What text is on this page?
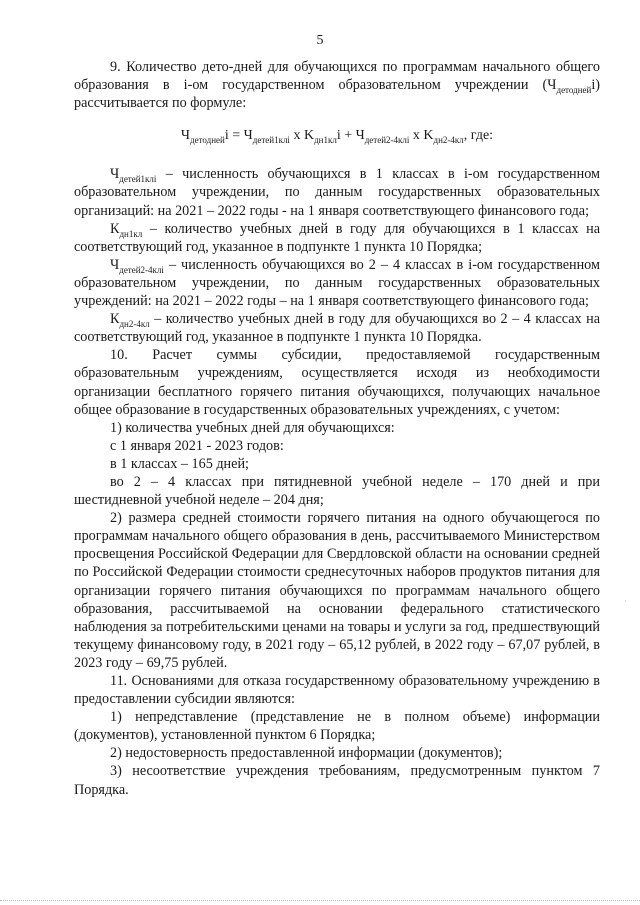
5

9. Количество дето-дней для обучающихся по программам начального общего образования в i-ом государственном образовательном учреждении $(Ч_{детодней}i)$ рассчитывается по формуле:

$Ч_{детодней}i = Ч_{детей1клi}$ x $K_{дн1кл}i + Ч_{детей2-4клi}$ x $K_{дн2-4кл}$, где:

$Ч_{детей1клi}$ – численность обучающихся в 1 классах в i-ом государственном образовательном учреждении, по данным государственных образовательных организаций: на 2021 – 2022 годы - на 1 января соответствующего финансового года;

$К_{дн1кл}$ – количество учебных дней в году для обучающихся в 1 классах на соответствующий год, указанное в подпункте 1 пункта 10 Порядка;

$Ч_{детей2-4клi}$ – численность обучающихся во 2 – 4 классах в i-ом государственном образовательном учреждении, по данным государственных образовательных учреждений: на 2021 – 2022 годы – на 1 января соответствующего финансового года;

$К_{дн2-4кл}$ – количество учебных дней в году для обучающихся во 2 – 4 классах на соответствующий год, указанное в подпункте 1 пункта 10 Порядка.

10. Расчет суммы субсидии, предоставляемой государственным образовательным учреждениям, осуществляется исходя из необходимости организации бесплатного горячего питания обучающихся, получающих начальное общее образование в государственных образовательных учреждениях, с учетом:

1) количества учебных дней для обучающихся:

с 1 января 2021 - 2023 годов:

в 1 классах – 165 дней;

во 2 – 4 классах при пятидневной учебной неделе – 170 дней и при шестидневной учебной неделе – 204 дня;

2) размера средней стоимости горячего питания на одного обучающегося по программам начального общего образования в день, рассчитываемого Министерством просвещения Российской Федерации для Свердловской области на основании средней по Российской Федерации стоимости среднесуточных наборов продуктов питания для организации горячего питания обучающихся по программам начального общего образования, рассчитываемой на основании федерального статистического наблюдения за потребительскими ценами на товары и услуги за год, предшествующий текущему финансовому году, в 2021 году – 65,12 рублей, в 2022 году – 67,07 рублей, в 2023 году – 69,75 рублей.

11. Основаниями для отказа государственному образовательному учреждению в предоставлении субсидии являются:

1) непредставление (представление не в полном объеме) информации (документов), установленной пунктом 6 Порядка;

2) недостоверность предоставленной информации (документов);

3) несоответствие учреждения требованиям, предусмотренным пунктом 7 Порядка.

·
